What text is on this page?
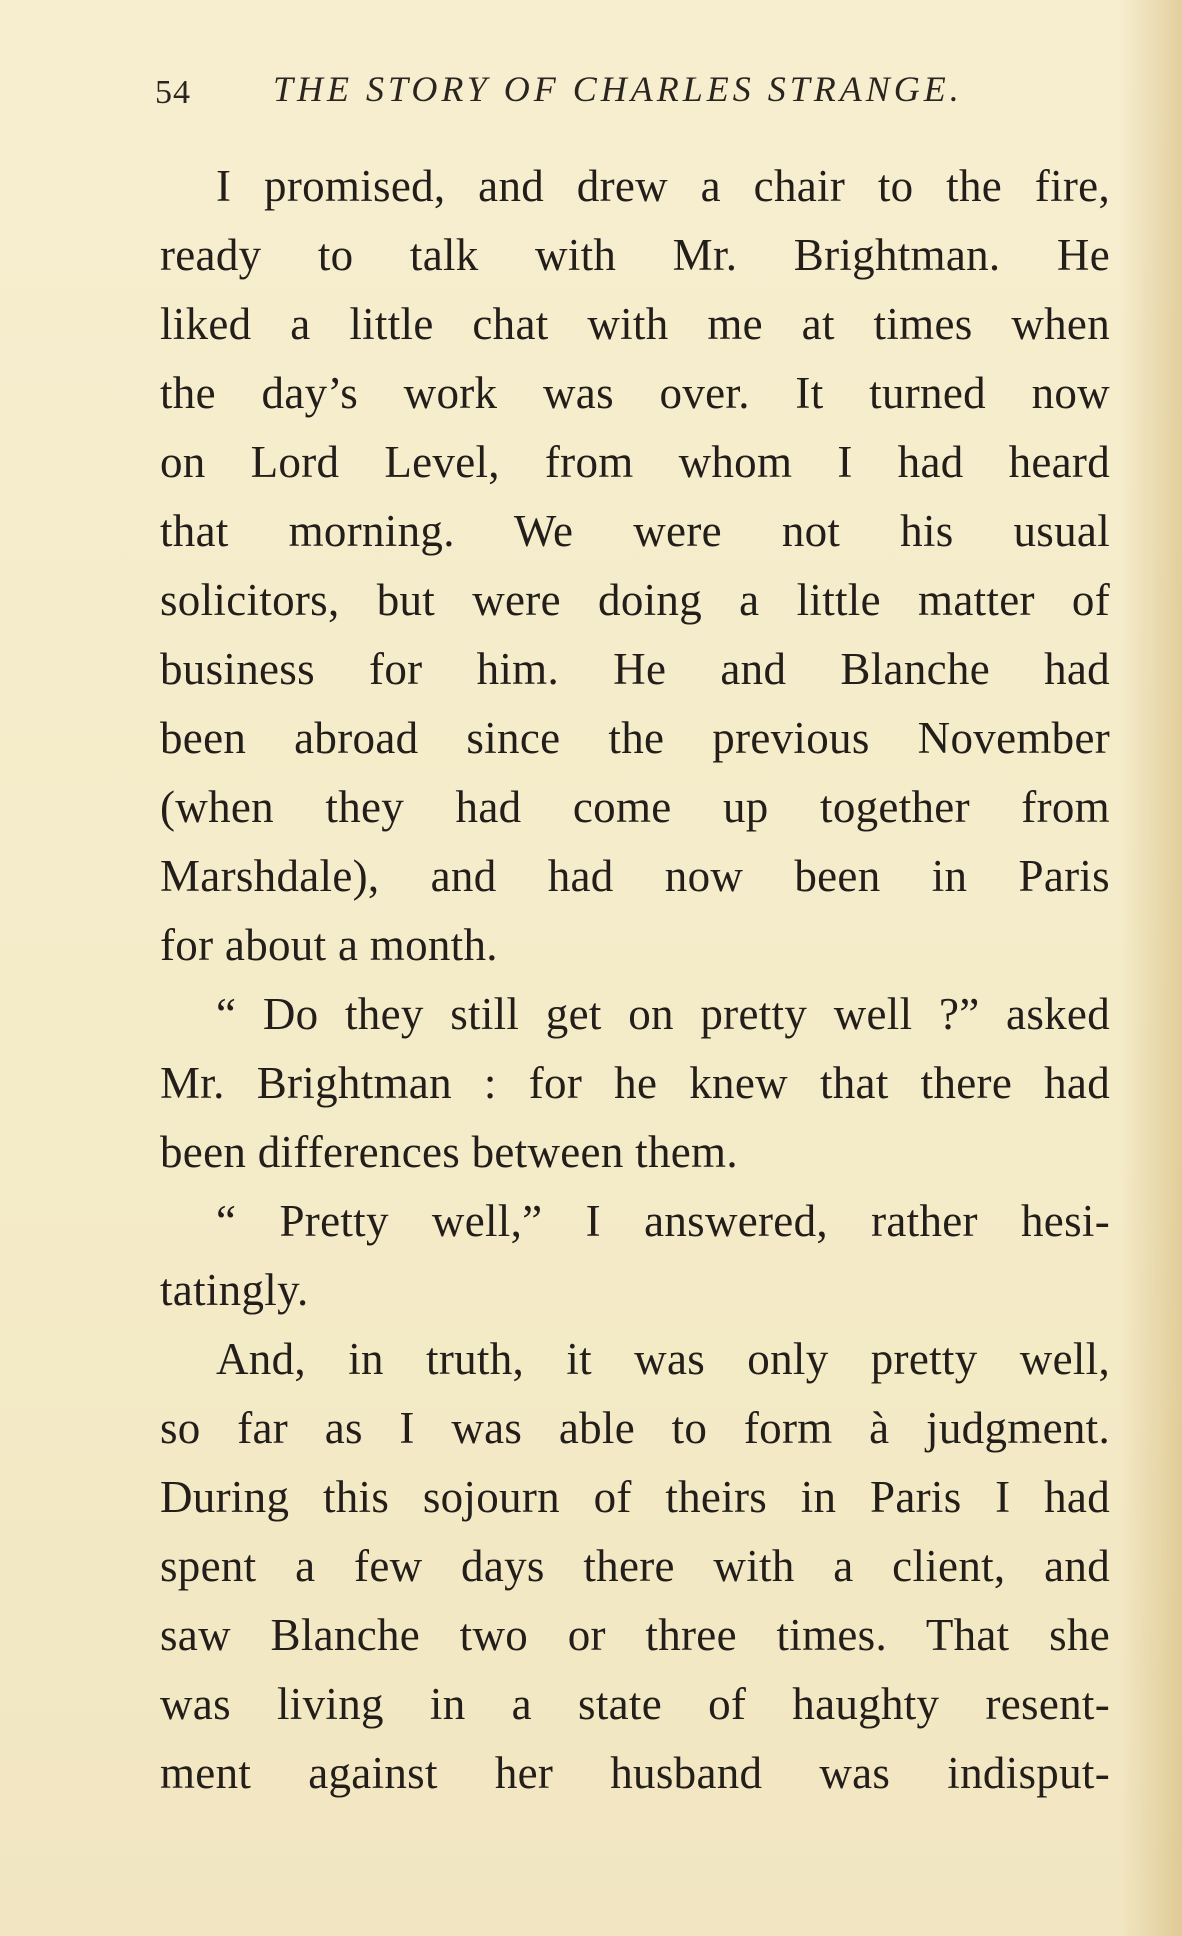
54 THE STORY OF CHARLES STRANGE.
I promised, and drew a chair to the fire,
ready to talk with Mr. Brightman. He
liked a little chat with me at times when
the day’s work was over. It turned now
on Lord Level, from whom I had heard
that morning. We were not his usual
solicitors, but were doing a little matter of
business for him. He and Blanche had
been abroad since the previous November
(when they had come up together from
Marshdale), and had now been in Paris
for about a month.
“ Do they still get on pretty well ?” asked
Mr. Brightman : for he knew that there had
been differences between them.
“ Pretty well,” I answered, rather hesi-
tatingly.
And, in truth, it was only pretty well,
so far as I was able to form à judgment.
During this sojourn of theirs in Paris I had
spent a few days there with a client, and
saw Blanche two or three times. That she
was living in a state of haughty resent-
ment against her husband was indisput-
